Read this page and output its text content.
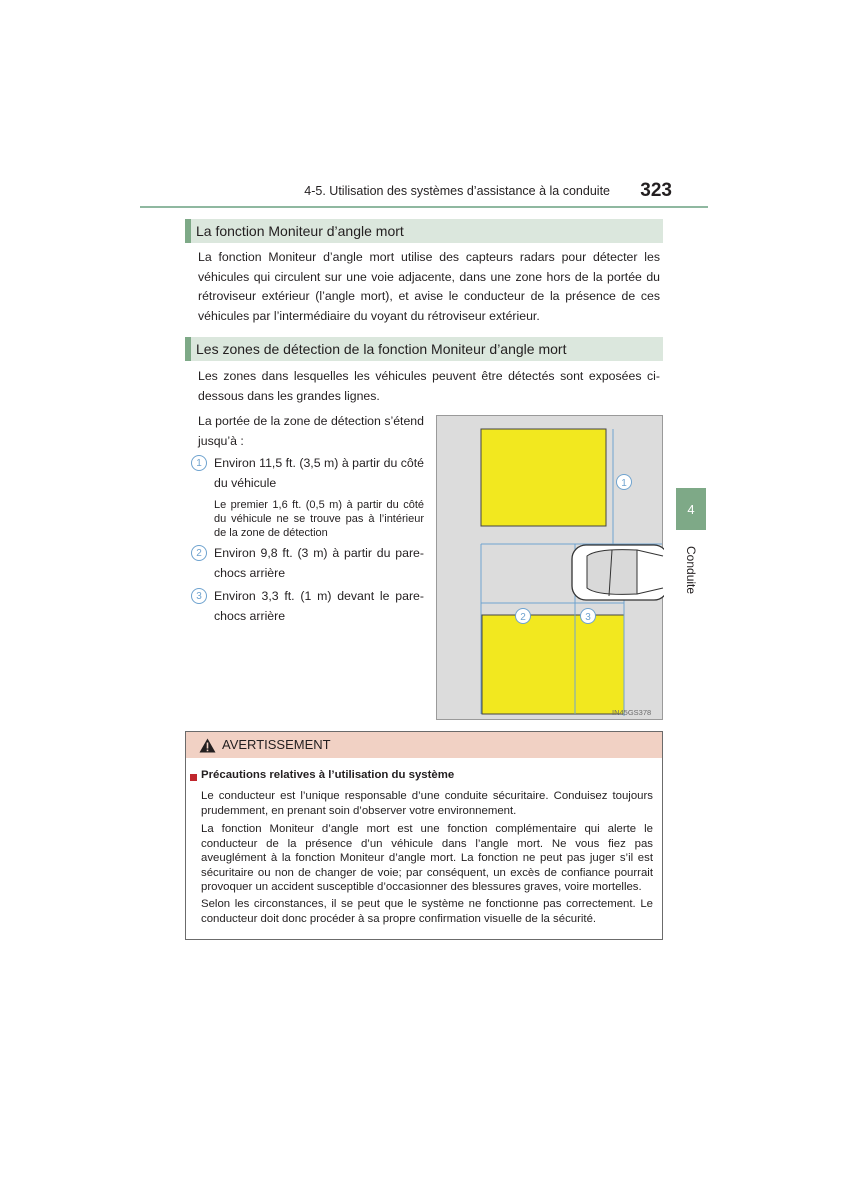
4-5. Utilisation des systèmes d’assistance à la conduite	323
4
Conduite
La fonction Moniteur d’angle mort

La fonction Moniteur d’angle mort utilise des capteurs radars pour détecter les véhicules qui circulent sur une voie adjacente, dans une zone hors de la portée du rétroviseur extérieur (l’angle mort), et avise le conducteur de la présence de ces véhicules par l’intermédiaire du voyant du rétroviseur extérieur.

Les zones de détection de la fonction Moniteur d’angle mort

Les zones dans lesquelles les véhicules peuvent être détectés sont exposées ci-dessous dans les grandes lignes.

La portée de la zone de détection s’étend jusqu’à :

1 Environ 11,5 ft. (3,5 m) à partir du côté du véhicule
Le premier 1,6 ft. (0,5 m) à partir du côté du véhicule ne se trouve pas à l’intérieur de la zone de détection
2 Environ 9,8 ft. (3 m) à partir du pare-chocs arrière
3 Environ 3,3 ft. (1 m) devant le pare-chocs arrière
1
2	3
IN45GS378
AVERTISSEMENT
Précautions relatives à l’utilisation du système

Le conducteur est l’unique responsable d’une conduite sécuritaire. Conduisez toujours prudemment, en prenant soin d’observer votre environnement.

La fonction Moniteur d’angle mort est une fonction complémentaire qui alerte le conducteur de la présence d’un véhicule dans l’angle mort. Ne vous fiez pas aveuglément à la fonction Moniteur d’angle mort. La fonction ne peut pas juger s’il est sécuritaire ou non de changer de voie; par conséquent, un excès de confiance pourrait provoquer un accident susceptible d’occasionner des blessures graves, voire mortelles.

Selon les circonstances, il se peut que le système ne fonctionne pas correctement. Le conducteur doit donc procéder à sa propre confirmation visuelle de la sécurité.
